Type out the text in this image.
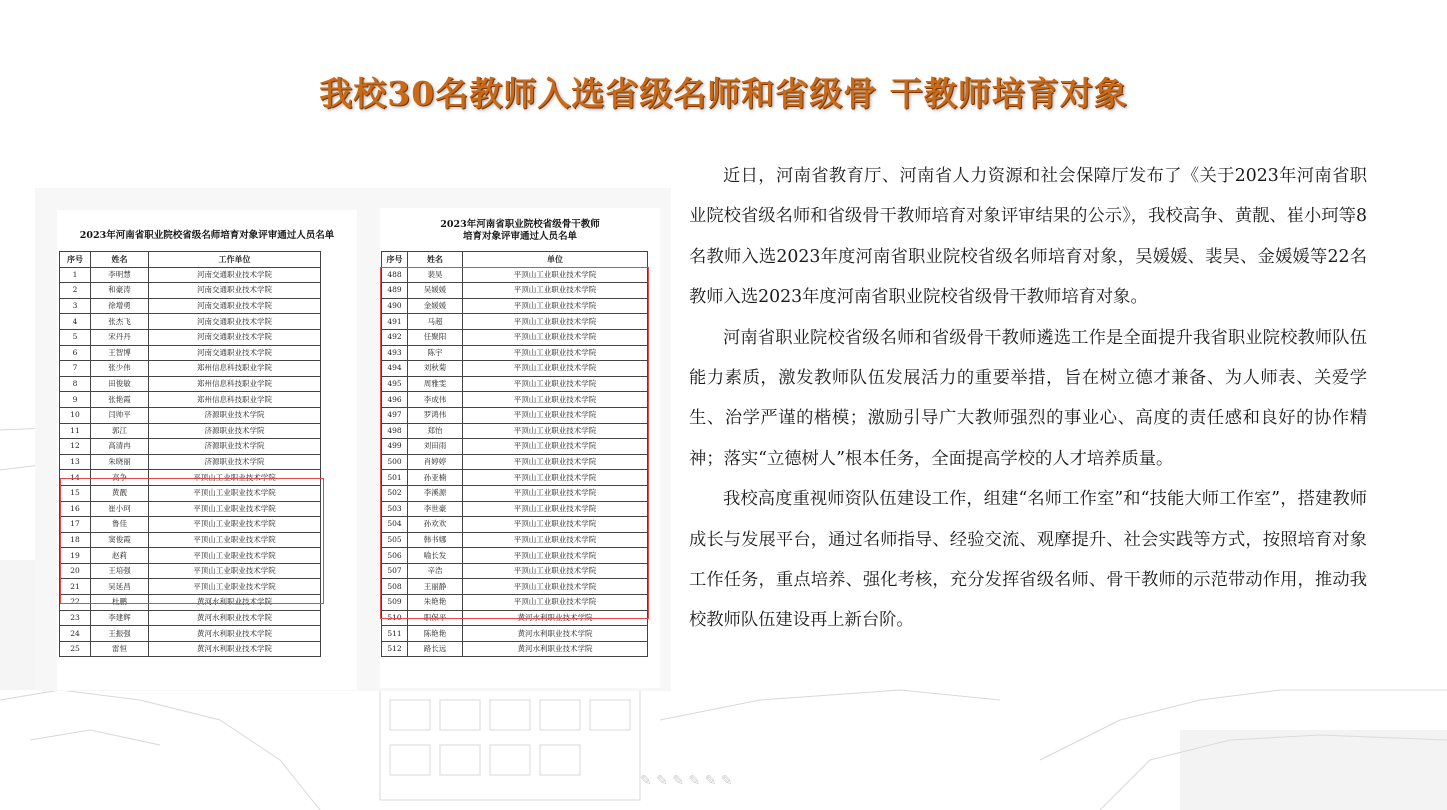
✎ ✎ ✎ ✎ ✎ ✎
我校30名教师入选省级名师和省级骨 干教师培育对象
2023年河南省职业院校省级名师培育对象评审通过人员名单
序号	姓名	工作单位
1	李明慧	河南交通职业技术学院
2	和豪涛	河南交通职业技术学院
3	徐增勇	河南交通职业技术学院
4	张杰飞	河南交通职业技术学院
5	宋丹丹	河南交通职业技术学院
6	王智博	河南交通职业技术学院
7	张少伟	郑州信息科技职业学院
8	田俊敏	郑州信息科技职业学院
9	张艳霞	郑州信息科技职业学院
10	闫帅平	济源职业技术学院
11	郭江	济源职业技术学院
12	高清冉	济源职业技术学院
13	朱晓丽	济源职业技术学院
14	高争	平顶山工业职业技术学院
15	黄靓	平顶山工业职业技术学院
16	崔小珂	平顶山工业职业技术学院
17	鲁佳	平顶山工业职业技术学院
18	窦俊霞	平顶山工业职业技术学院
19	赵莉	平顶山工业职业技术学院
20	王培强	平顶山工业职业技术学院
21	吴延昌	平顶山工业职业技术学院
22	杜鹏	黄河水利职业技术学院
23	李建辉	黄河水利职业技术学院
24	王振强	黄河水利职业技术学院
25	雷恒	黄河水利职业技术学院
2023年河南省职业院校省级骨干教师
培育对象评审通过人员名单
序号	姓名	单位
488	裴昊	平顶山工业职业技术学院
489	吴媛媛	平顶山工业职业技术学院
490	金媛媛	平顶山工业职业技术学院
491	马超	平顶山工业职业技术学院
492	任聚阳	平顶山工业职业技术学院
493	陈宇	平顶山工业职业技术学院
494	刘秋菊	平顶山工业职业技术学院
495	周雅雯	平顶山工业职业技术学院
496	李成伟	平顶山工业职业技术学院
497	罗鸿伟	平顶山工业职业技术学院
498	郑怡	平顶山工业职业技术学院
499	刘田雨	平顶山工业职业技术学院
500	肖婷婷	平顶山工业职业技术学院
501	孙亚楠	平顶山工业职业技术学院
502	李溪源	平顶山工业职业技术学院
503	李世豪	平顶山工业职业技术学院
504	孙欢欢	平顶山工业职业技术学院
505	韩书娜	平顶山工业职业技术学院
506	喻长发	平顶山工业职业技术学院
507	辛浩	平顶山工业职业技术学院
508	王丽静	平顶山工业职业技术学院
509	朱艳艳	平顶山工业职业技术学院
510	职保平	黄河水利职业技术学院
511	陈艳艳	黄河水利职业技术学院
512	路长远	黄河水利职业技术学院

近日，河南省教育厅、河南省人力资源和社会保障厅发布了《关于2023年河南省职业院校省级名师和省级骨干教师培育对象评审结果的公示》，我校高争、黄靓、崔小珂等8名教师入选2023年度河南省职业院校省级名师培育对象，吴媛媛、裴昊、金媛媛等22名教师入选2023年度河南省职业院校省级骨干教师培育对象。

河南省职业院校省级名师和省级骨干教师遴选工作是全面提升我省职业院校教师队伍能力素质，激发教师队伍发展活力的重要举措，旨在树立德才兼备、为人师表、关爱学生、治学严谨的楷模；激励引导广大教师强烈的事业心、高度的责任感和良好的协作精神；落实“立德树人”根本任务，全面提高学校的人才培养质量。

我校高度重视师资队伍建设工作，组建“名师工作室”和“技能大师工作室”，搭建教师成长与发展平台，通过名师指导、经验交流、观摩提升、社会实践等方式，按照培育对象工作任务，重点培养、强化考核，充分发挥省级名师、骨干教师的示范带动作用，推动我校教师队伍建设再上新台阶。
